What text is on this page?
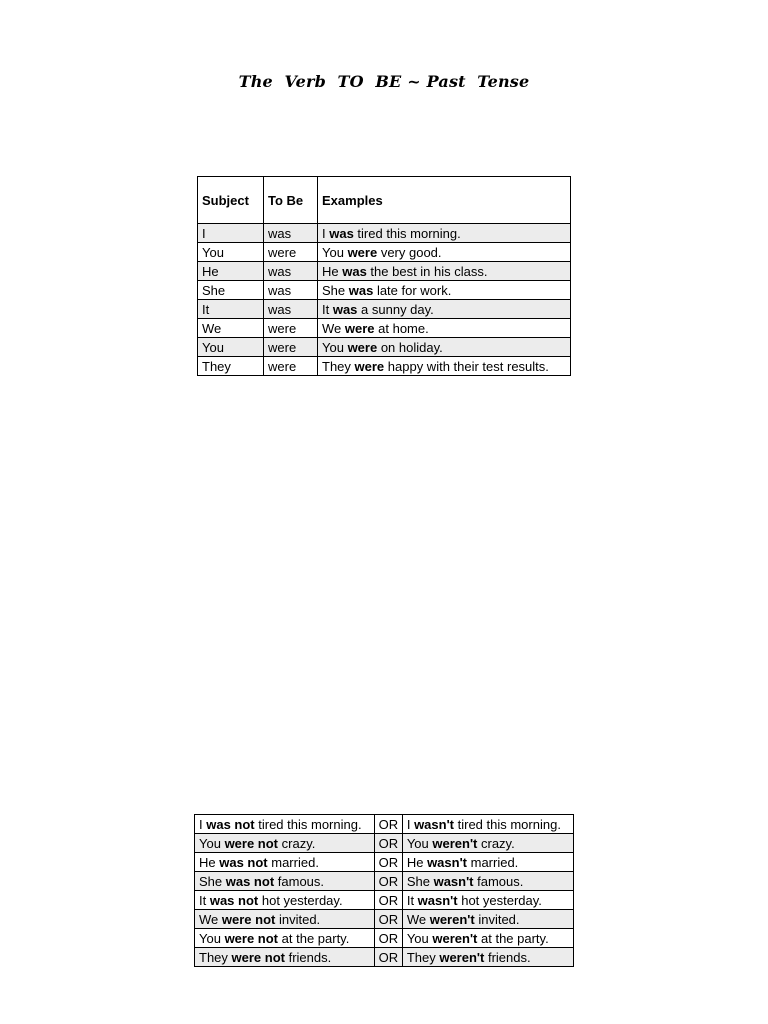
The  Verb  TO  BE ~ Past  Tense
Subject	To Be	Examples
I	was	I was tired this morning.
You	were	You were very good.
He	was	He was the best in his class.
She	was	She was late for work.
It	was	It was a sunny day.
We	were	We were at home.
You	were	You were on holiday.
They	were	They were happy with their test results.
I was not tired this morning.	OR	I wasn't tired this morning.
You were not crazy.	OR	You weren't crazy.
He was not married.	OR	He wasn't married.
She was not famous.	OR	She wasn't famous.
It was not hot yesterday.	OR	It wasn't hot yesterday.
We were not invited.	OR	We weren't invited.
You were not at the party.	OR	You weren't at the party.
They were not friends.	OR	They weren't friends.
